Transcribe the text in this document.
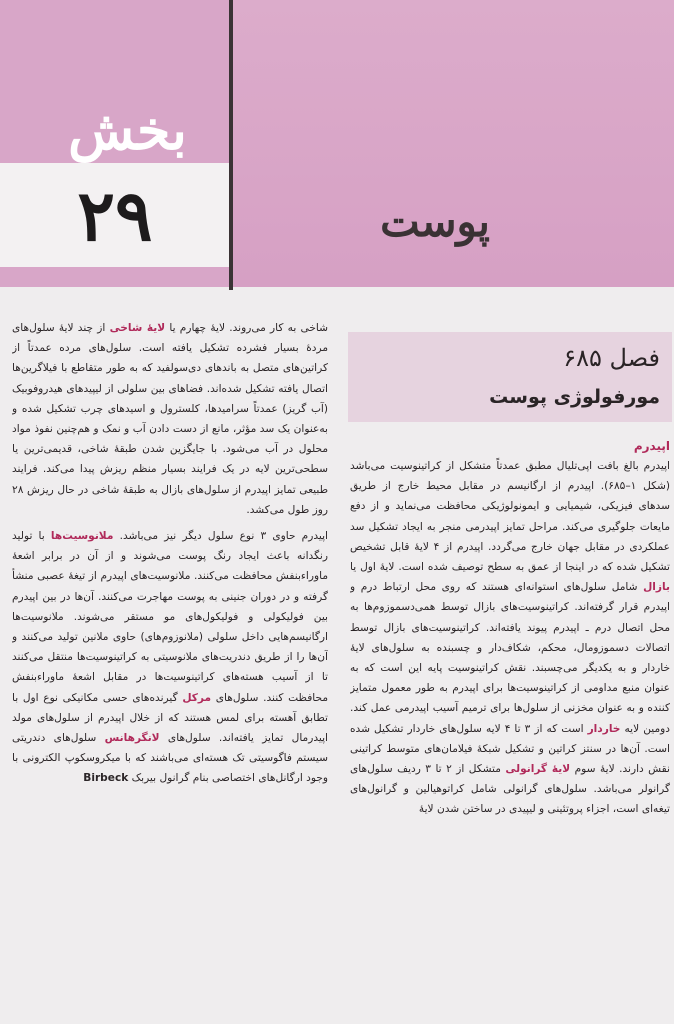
بخش
۲۹	پوست
فصل ۶۸۵
مورفولوژی پوست
اپیدرم

اپیدرم بالغ بافت اپی‌تلیال مطبق عمدتاً متشکل از کراتینوسیت می‌باشد (شکل ۱–۶۸۵). اپیدرم از ارگانیسم در مقابل محیط خارج از طریق سدهای فیزیکی، شیمیایی و ایمونولوژیکی محافظت می‌نماید و از دفع مایعات جلوگیری می‌کند. مراحل تمایز اپیدرمی منجر به ایجاد تشکیل سد عملکردی در مقابل جهان خارج می‌گردد. اپیدرم از ۴ لایهٔ قابل تشخیص تشکیل شده که در اینجا از عمق به سطح توصیف شده است. لایهٔ اول یا بازال شامل سلول‌های استوانه‌ای هستند که روی محل ارتباط درم و اپیدرم قرار گرفته‌اند. کراتینوسیت‌های بازال توسط همی‌دسموزوم‌ها به محل اتصال درم ـ اپیدرم پیوند یافته‌اند. کراتینوسیت‌های بازال توسط اتصالات دسموزومال، محکم، شکاف‌دار و چسبنده به سلول‌های لایهٔ خاردار و به یکدیگر می‌چسبند. نقش کراتینوسیت پایه این است که به عنوان منبع مداومی از کراتینوسیت‌ها برای اپیدرم به طور معمول متمایز کننده و به عنوان مخزنی از سلول‌ها برای ترمیم آسیب اپیدرمی عمل کند. دومین لایه خاردار است که از ۳ تا ۴ لایه سلول‌های خاردار تشکیل شده است. آن‌ها در سنتز کراتین و تشکیل شبکهٔ فیلامان‌های متوسط کراتینی نقش دارند. لایهٔ سوم لایهٔ گرانولی متشکل از ۲ تا ۳ ردیف سلول‌های گرانولر می‌باشد. سلول‌های گرانولی شامل کراتوهیالین و گرانول‌های تیغه‌ای است، اجزاء پروتئینی و لیپیدی در ساختن شدن لایهٔ

شاخی به کار می‌روند. لایهٔ چهارم یا لایهٔ شاخی از چند لایهٔ سلول‌های مردهٔ بسیار فشرده تشکیل یافته است. سلول‌های مرده عمدتاً از کراتین‌های متصل به باندهای دی‌سولفید که به طور متقاطع با فیلاگرین‌ها اتصال یافته تشکیل شده‌اند. فضاهای بین سلولی از لیپیدهای هیدروفوبیک (آب گریز) عمدتاً سرامیدها، کلسترول و اسیدهای چرب تشکیل شده و به‌عنوان یک سد مؤثر، مانع از دست دادن آب و نمک و هم‌چنین نفوذ مواد محلول در آب می‌شود. با جایگزین شدن طبقهٔ شاخی، قدیمی‌ترین یا سطحی‌ترین لایه در یک فرایند بسیار منظم ریزش پیدا می‌کند. فرایند طبیعی تمایز اپیدرم از سلول‌های بازال به طبقهٔ شاخی در حال ریزش ۲۸ روز طول می‌کشد.

اپیدرم حاوی ۳ نوع سلول دیگر نیز می‌باشد. ملانوسیت‌ها با تولید رنگدانه باعث ایجاد رنگ پوست می‌شوند و از آن در برابر اشعهٔ ماوراءبنفش محافظت می‌کنند. ملانوسیت‌های اپیدرم از تیغهٔ عصبی منشأ گرفته و در دوران جنینی به پوست مهاجرت می‌کنند. آن‌ها در بین اپیدرم بین فولیکولی و فولیکول‌های مو مستقر می‌شوند. ملانوسیت‌ها ارگانیسم‌هایی داخل سلولی (ملانوزوم‌های) حاوی ملانین تولید می‌کنند و آن‌ها را از طریق دندریت‌های ملانوسیتی به کراتینوسیت‌ها منتقل می‌کنند تا از آسیب هسته‌های کراتینوسیت‌ها در مقابل اشعهٔ ماوراءبنفش محافظت کنند. سلول‌های مرکل گیرنده‌های حسی مکانیکی نوع اول با تطابق آهسته برای لمس هستند که از خلال اپیدرم از سلول‌های مولد اپیدرمال تمایز یافته‌اند. سلول‌های لانگرهانس سلول‌های دندریتی سیستم فاگوسیتی تک هسته‌ای می‌باشند که با میکروسکوپ الکترونی با وجود ارگانل‌های اختصاصی بنام گرانول بیربک Birbeck
